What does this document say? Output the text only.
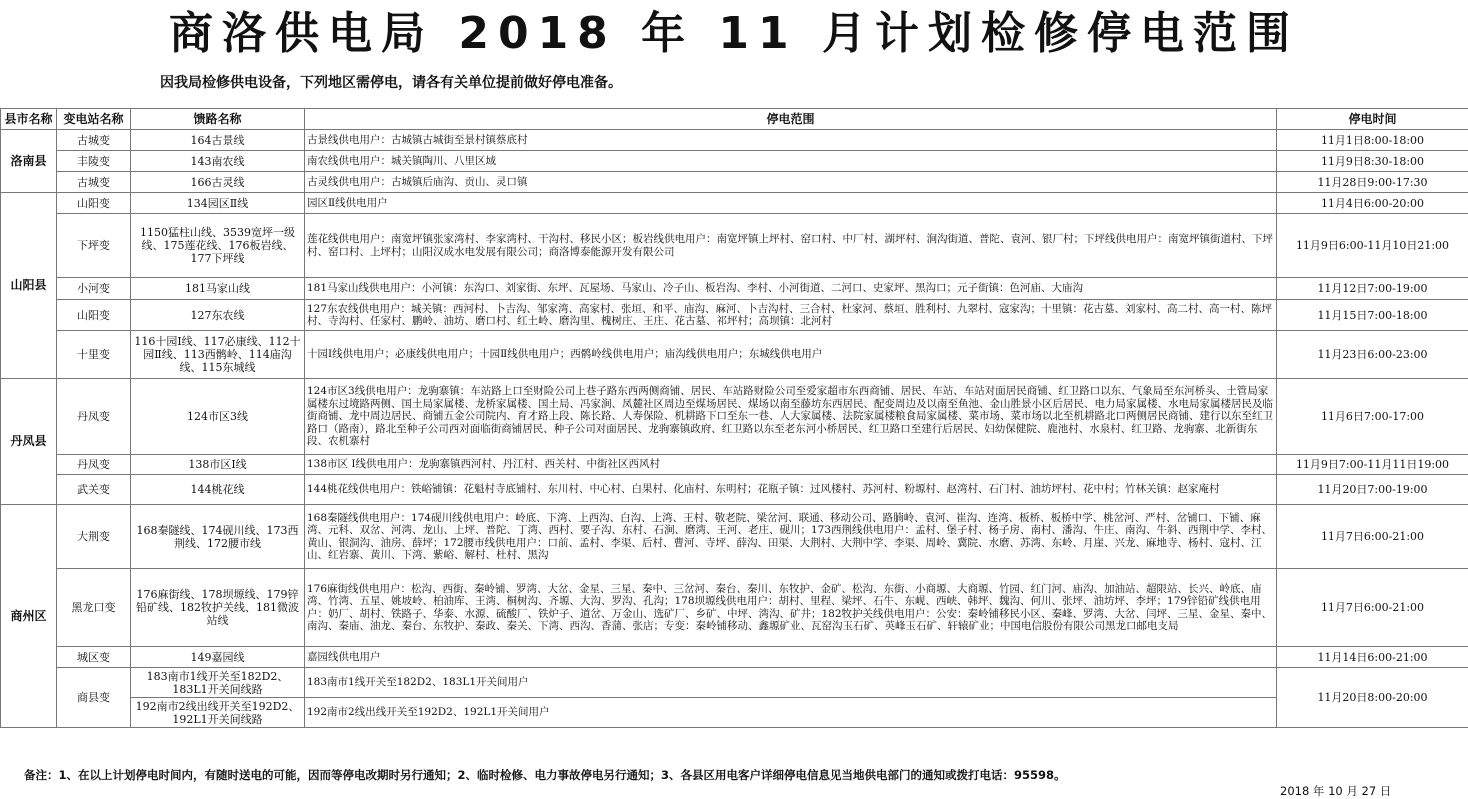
商洛供电局 2018 年 11 月计划检修停电范围
因我局检修供电设备，下列地区需停电，请各有关单位提前做好停电准备。
县市名称	变电站名称	馈路名称	停电范围	停电时间
洛南县	古城变	164古景线	古景线供电用户：古城镇古城街至景村镇蔡底村	11月1日8:00-18:00
	丰陵变	143南农线	南农线供电用户：城关镇陶川、八里区域	11月9日8:30-18:00
	古城变	166古灵线	古灵线供电用户：古城镇后庙沟、贡山、灵口镇	11月28日9:00-17:30
山阳县	山阳变	134园区Ⅱ线	园区Ⅱ线供电用户	11月4日6:00-20:00
	下坪变	1150猛柱山线、3539宽坪一级线、175莲花线、176板岩线、177下坪线	莲花线供电用户：南宽坪镇张家湾村、李家湾村、干沟村、移民小区；板岩线供电用户：南宽坪镇上坪村、窑口村、中厂村、湖坪村、涧沟街道、普陀、袁河、银厂村；下坪线供电用户：南宽坪镇街道村、下坪村、窑口村、上坪村；山阳汉成水电发展有限公司；商洛博泰能源开发有限公司	11月9日6:00-11月10日21:00
	小河变	181马家山线	181马家山线供电用户：小河镇：东沟口、刘家街、东坪、瓦屋场、马家山、冷子山、板岩沟、李村、小河街道、二河口、史家坪、黑沟口；元子街镇：色河庙、大庙沟	11月12日7:00-19:00
	山阳变	127东农线	127东农线供电用户：城关镇：西河村、卜吉沟、邹家湾、高家村、张垣、和平、庙沟、麻河、卜吉沟村、三合村、杜家河、蔡垣、胜利村、九翠村、寇家沟；十里镇：花古墓、刘家村、高二村、高一村、陈坪村、寺沟村、任家村、鹏岭、油坊、磨口村、红土岭、磨沟里、槐树庄、王庄、花古墓、祁坪村；高坝镇：北河村	11月15日7:00-18:00
	十里变	116十园Ⅰ线、117必康线、112十园Ⅱ线、113西鹘岭、114庙沟线、115东城线	十园Ⅰ线供电用户；必康线供电用户；十园Ⅱ线供电用户；西鹘岭线供电用户；庙沟线供电用户；东城线供电用户	11月23日6:00-23:00
丹凤县	丹凤变	124市区3线	124市区3线供电用户：龙驹寨镇：车站路上口至财险公司上巷子路东西两侧商铺、居民、车站路财险公司至爱家超市东西商铺、居民、车站、车站对面居民商铺、红卫路口以东、气象局至东河桥头、土管局家属楼东过境路两侧、国土局家属楼、龙桥家属楼、国土局、冯家涧、凤麓社区周边至煤场居民、煤场以南至藤坊东西居民、配变周边及以南至鱼池、金山胜景小区后居民、电力局家属楼、水电局家属楼居民及临街商铺、龙中周边居民、商铺五金公司院内、育才路上段、陈长路、人寿保险、机耕路下口至东一巷、人大家属楼、法院家属楼粮食局家属楼、菜市场、菜市场以北至机耕路北口两侧居民商铺、建行以东至红卫路口（路南），路北至种子公司西对面临街商铺居民、种子公司对面居民、龙驹寨镇政府、红卫路以东至老东河小桥居民、红卫路口至建行后居民、妇幼保健院、鹿池村、水泉村、红卫路、龙驹寨、北新街东段、农机寨村	11月6日7:00-17:00
	丹凤变	138市区Ⅰ线	138市区 Ⅰ线供电用户：龙驹寨镇西河村、丹江村、西关村、中街社区西风村	11月9日7:00-11月11日19:00
	武关变	144桃花线	144桃花线供电用户：铁峪铺镇：花魁村寺底铺村、东川村、中心村、白果村、化庙村、东明村；花瓶子镇：过风楼村、苏河村、粉塬村、赵湾村、石门村、油坊坪村、花中村；竹林关镇：赵家庵村	11月20日7:00-19:00
商州区	大荆变	168秦隧线、174砚川线、173西荆线、172腰市线	168秦隧线供电用户：174砚川线供电用户：岭底、下湾、上西沟、白沟、上湾、王村、敬老院、梁岔河、联通、移动公司、路腩岭、袁河、崔沟、连湾、板桥、板桥中学、桃岔河、严村、岔铺口、下铺、麻湾、元科、双岔、河湾、龙山、上坪、普陀、丁湾、西村、要子沟、东村、石涧、磨湾、王河、老庄、砚川；173西荆线供电用户：孟村、堡子村、杨子房、南村、潘沟、牛庄、南沟、牛斜、西荆中学、李村、黄山、银洞沟、油房、薛坪；172腰市线供电用户：口前、孟村、李渠、后村、曹河、寺坪、薛沟、田渠、大荆村、大荆中学、李渠、周岭、冀院、水磨、苏湾、东岭、月崖、兴龙、麻地寺、杨村、寇村、江山、红岩寨、黄川、下湾、紫峪、解村、杜村、黑沟	11月7日6:00-21:00
	黑龙口变	176麻街线、178坝塬线、179锌铅矿线、182牧护关线、181微波站线	176麻街线供电用户：松沟、西街、秦岭铺、罗湾、大岔、金星、三星、秦中、三岔河、秦台、秦川、东牧护、金矿、松沟、东街、小商塬、大商塬、竹园、红门河、庙沟、加油站、超限站、长兴、岭底、庙湾、竹湾、五星、姚坡岭、柏油库、王湾、桐树沟、齐塬、大沟、罗沟、孔沟；178坝塬线供电用户：胡村、里程、梁坪、石牛、东岘、西峡、韩坪、魏沟、何川、张坪、油坊坪、李坪；179锌铅矿线供电用户：奶厂、胡村、铁路子、华泰、水源、硫酸厂、铁炉子、道岔、万金山、选矿厂、乡矿、中坪、湾沟、矿井；182牧护关线供电用户：公安：秦岭铺移民小区、秦峰、罗湾、大岔、闫坪、三星、金星、秦中、南沟、秦庙、油龙、秦台、东牧护、秦政、秦关、下湾、西沟、香蒲、张店；专变：秦岭铺移动、鑫塬矿业、瓦窑沟玉石矿、英峰玉石矿、轩辕矿业；中国电信股份有限公司黑龙口邮电支局	11月7日6:00-21:00
	城区变	149嘉园线	嘉园线供电用户	11月14日6:00-21:00
	商县变	183南市1线开关至182D2、183L1开关间线路	183南市1线开关至182D2、183L1开关间用户	11月20日8:00-20:00
		192南市2线出线开关至192D2、192L1开关间线路	192南市2线出线开关至192D2、192L1开关间用户	
备注：1、在以上计划停电时间内，有随时送电的可能，因而等停电改期时另行通知；2、临时检修、电力事故停电另行通知；3、各县区用电客户详细停电信息见当地供电部门的通知或拨打电话：95598。
2018 年 10 月 27 日
